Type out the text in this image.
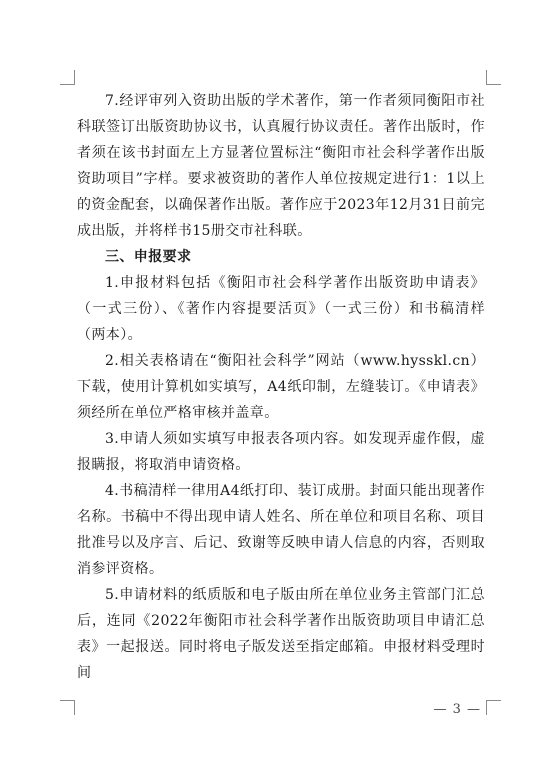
7.经评审列入资助出版的学术著作，第一作者须同衡阳市社科联签订出版资助协议书，认真履行协议责任。著作出版时，作者须在该书封面左上方显著位置标注“衡阳市社会科学著作出版资助项目”字样。要求被资助的著作人单位按规定进行1：1以上的资金配套，以确保著作出版。著作应于2023年12月31日前完成出版，并将样书15册交市社科联。

三、申报要求

1.申报材料包括《衡阳市社会科学著作出版资助申请表》（一式三份）、《著作内容提要活页》（一式三份）和书稿清样（两本）。

2.相关表格请在“衡阳社会科学”网站（www.hysskl.cn）下载，使用计算机如实填写，A4纸印制，左缝装订。《申请表》须经所在单位严格审核并盖章。

3.申请人须如实填写申报表各项内容。如发现弄虚作假，虚报瞒报，将取消申请资格。

4.书稿清样一律用A4纸打印、装订成册。封面只能出现著作名称。书稿中不得出现申请人姓名、所在单位和项目名称、项目批准号以及序言、后记、致谢等反映申请人信息的内容，否则取消参评资格。

5.申请材料的纸质版和电子版由所在单位业务主管部门汇总后，连同《2022年衡阳市社会科学著作出版资助项目申请汇总表》一起报送。同时将电子版发送至指定邮箱。申报材料受理时间

— 3 —
